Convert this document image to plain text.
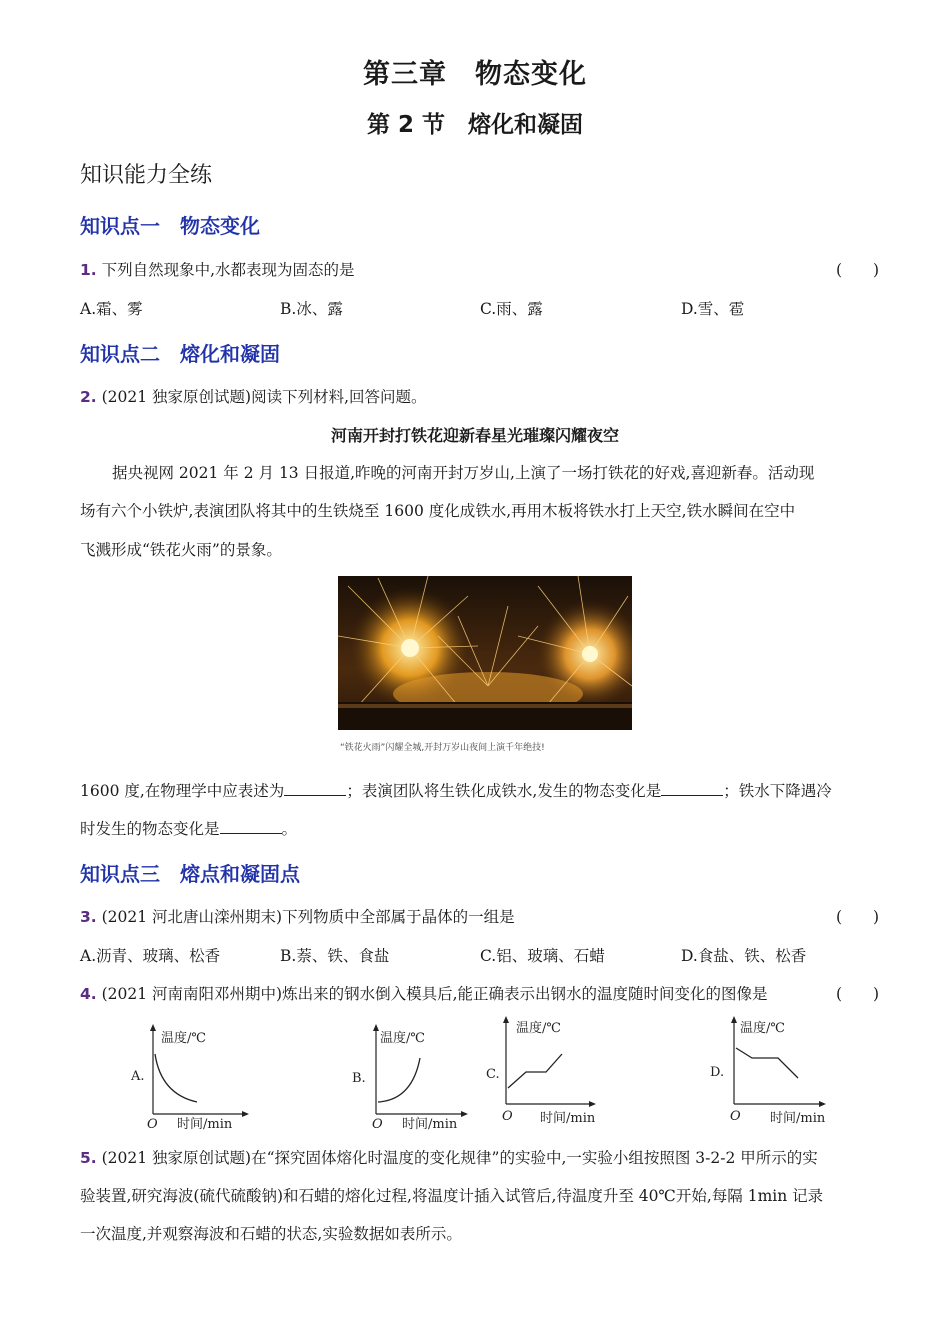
第三章　物态变化
第 2 节　熔化和凝固
知识能力全练
知识点一　物态变化
1. 下列自然现象中,水都表现为固态的是	(　　)
A.霜、雾	B.冰、露	C.雨、露	D.雪、雹
知识点二　熔化和凝固
2. (2021 独家原创试题)阅读下列材料,回答问题。
河南开封打铁花迎新春星光璀璨闪耀夜空
据央视网 2021 年 2 月 13 日报道,昨晚的河南开封万岁山,上演了一场打铁花的好戏,喜迎新春。活动现
场有六个小铁炉,表演团队将其中的生铁烧至 1600 度化成铁水,再用木板将铁水打上天空,铁水瞬间在空中
飞溅形成“铁花火雨”的景象。
“铁花火雨”闪耀全城,开封万岁山夜间上演千年绝技!
1600 度,在物理学中应表述为	；表演团队将生铁化成铁水,发生的物态变化是	；铁水下降遇冷
时发生的物态变化是	。
知识点三　熔点和凝固点
3. (2021 河北唐山滦州期末)下列物质中全部属于晶体的一组是	(　　)
A.沥青、玻璃、松香	B.萘、铁、食盐	C.铝、玻璃、石蜡	D.食盐、铁、松香
4. (2021 河南南阳邓州期中)炼出来的钢水倒入模具后,能正确表示出钢水的温度随时间变化的图像是	(　　)
温度/℃
时间/min
O
A.
温度/℃
时间/min
O
B.
温度/℃
时间/min
O
C.
温度/℃
时间/min
O
D.
5. (2021 独家原创试题)在“探究固体熔化时温度的变化规律”的实验中,一实验小组按照图 3-2-2 甲所示的实
验装置,研究海波(硫代硫酸钠)和石蜡的熔化过程,将温度计插入试管后,待温度升至 40℃开始,每隔 1min 记录
一次温度,并观察海波和石蜡的状态,实验数据如表所示。
